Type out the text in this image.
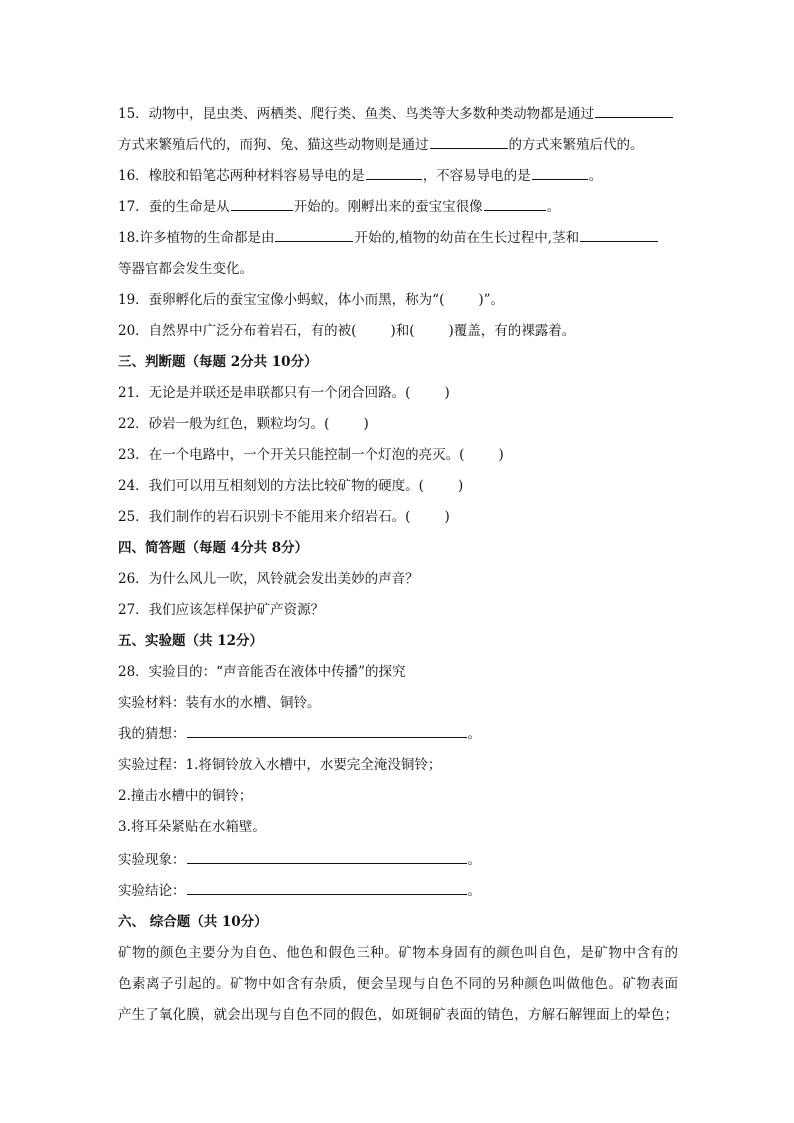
15．动物中，昆虫类、两栖类、爬行类、鱼类、鸟类等大多数种类动物都是通过
方式来繁殖后代的，而狗、兔、猫这些动物则是通过	的方式来繁殖后代的。
16．橡胶和铅笔芯两种材料容易导电的是	，不容易导电的是	。
17．蚕的生命是从	开始的。刚孵出来的蚕宝宝很像	。
18.许多植物的生命都是由	开始的,植物的幼苗在生长过程中,茎和
等器官都会发生变化。
19．蚕卵孵化后的蚕宝宝像小蚂蚁，体小而黑，称为“(	)”。
20．自然界中广泛分布着岩石，有的被(	)和(	)覆盖，有的裸露着。
三、判断题（每题 2分共 10分）
21．无论是并联还是串联都只有一个闭合回路。(	)
22．砂岩一般为红色，颗粒均匀。(	)
23．在一个电路中，一个开关只能控制一个灯泡的亮灭。(	)
24．我们可以用互相刻划的方法比较矿物的硬度。(	)
25．我们制作的岩石识别卡不能用来介绍岩石。(	)
四、简答题（每题 4分共 8分）
26．为什么风儿一吹，风铃就会发出美妙的声音？
27．我们应该怎样保护矿产资源？
五、实验题（共 12分）
28．实验目的：“声音能否在液体中传播”的探究
实验材料：装有水的水槽、铜铃。
我的猜想：	。
实验过程：1.将铜铃放入水槽中，水要完全淹没铜铃；
2.撞击水槽中的铜铃；
3.将耳朵紧贴在水箱壁。
实验现象：	。
实验结论：	。
六、 综合题（共 10分）
矿物的颜色主要分为自色、他色和假色三种。矿物本身固有的颜色叫自色，是矿物中含有的
色素离子引起的。矿物中如含有杂质，便会呈现与自色不同的另种颜色叫做他色。矿物表面
产生了氧化膜，就会出现与自色不同的假色，如斑铜矿表面的锖色，方解石解锂面上的晕色；
